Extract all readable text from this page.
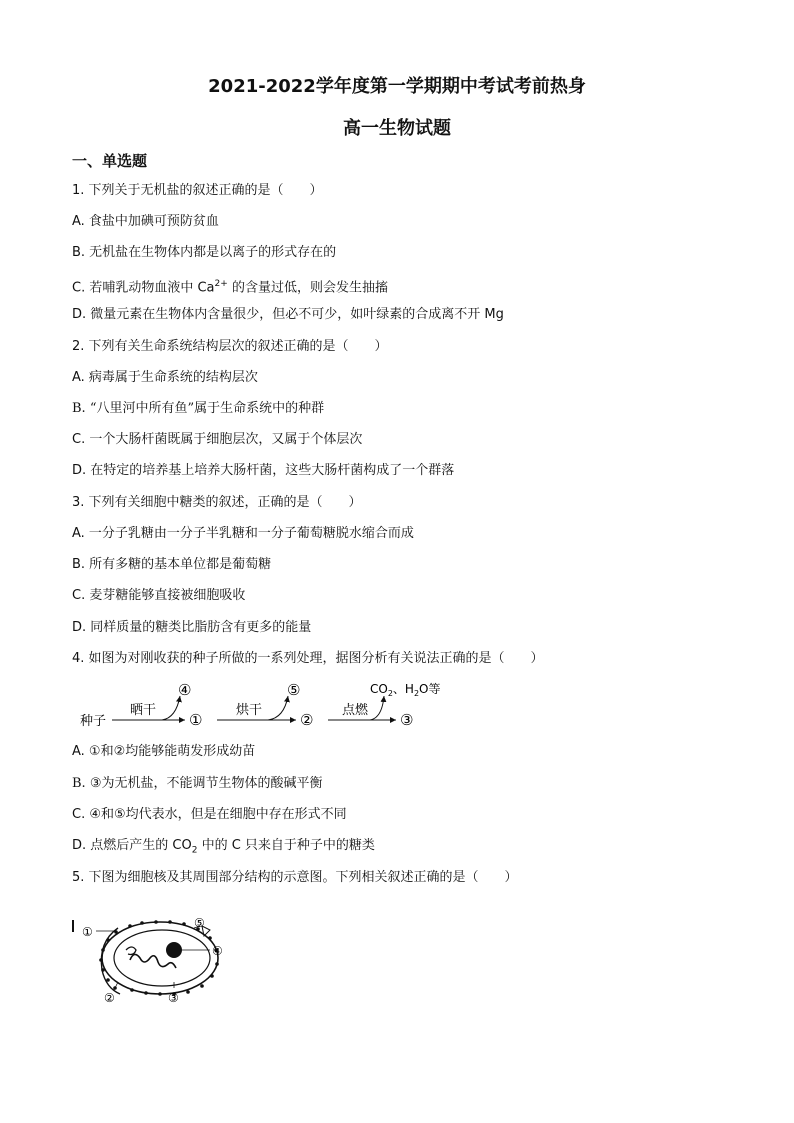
2021-2022学年度第一学期期中考试考前热身
高一生物试题
一、单选题
1. 下列关于无机盐的叙述正确的是（　　）
A. 食盐中加碘可预防贫血
B. 无机盐在生物体内都是以离子的形式存在的
C. 若哺乳动物血液中 $Ca^{2+}$ 的含量过低，则会发生抽搐
D. 微量元素在生物体内含量很少，但必不可少，如叶绿素的合成离不开 Mg
2. 下列有关生命系统结构层次的叙述正确的是（　　）
A. 病毒属于生命系统的结构层次
B. “八里河中所有鱼”属于生命系统中的种群
C. 一个大肠杆菌既属于细胞层次，又属于个体层次
D. 在特定的培养基上培养大肠杆菌，这些大肠杆菌构成了一个群落
3. 下列有关细胞中糖类的叙述，正确的是（　　）
A. 一分子乳糖由一分子半乳糖和一分子葡萄糖脱水缩合而成
B. 所有多糖的基本单位都是葡萄糖
C. 麦芽糖能够直接被细胞吸收
D. 同样质量的糖类比脂肪含有更多的能量
4. 如图为对刚收获的种子所做的一系列处理，据图分析有关说法正确的是（　　）
种子
晒干
④
①
烘干
⑤
②
点燃
$CO_2$、$H_2O$等
③
A. ①和②均能够能萌发形成幼苗
B. ③为无机盐，不能调节生物体的酸碱平衡
C. ④和⑤均代表水，但是在细胞中存在形式不同
D. 点燃后产生的 $CO_2$ 中的 C 只来自于种子中的糖类
5. 下图为细胞核及其周围部分结构的示意图。下列相关叙述正确的是（　　）
①
②	③
④
⑤
